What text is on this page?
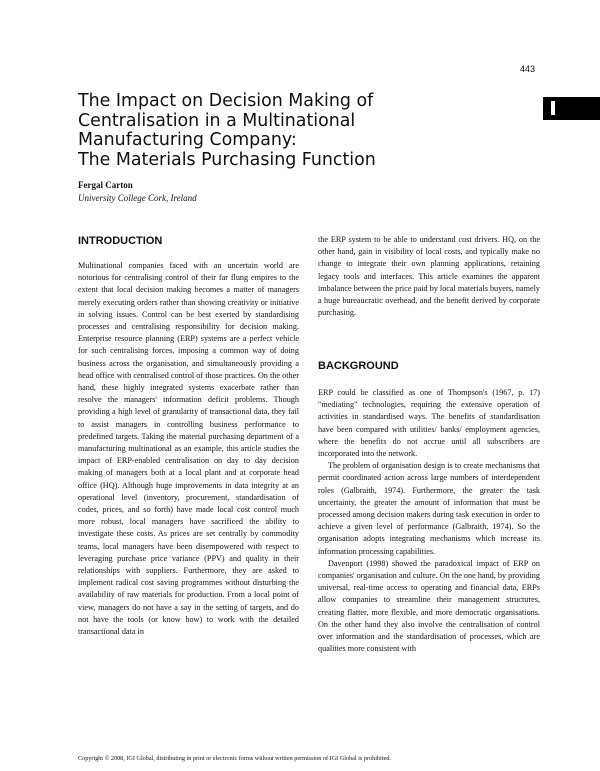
443
The Impact on Decision Making of
Centralisation in a Multinational
Manufacturing Company:
The Materials Purchasing Function
Fergal Carton
University College Cork, Ireland
INTRODUCTION

Multinational companies faced with an uncertain world are notorious for centralising control of their far flung empires to the extent that local decision making becomes a matter of managers merely executing orders rather than showing creativity or initiative in solving issues. Control can be best exerted by standardising processes and centralising responsibility for decision making. Enterprise resource planning (ERP) systems are a perfect vehicle for such centralising forces, imposing a common way of doing business across the organisation, and simultaneously providing a head office with centralised control of those practices. On the other hand, these highly integrated systems exacerbate rather than resolve the managers' information deficit problems. Though providing a high level of granularity of transactional data, they fail to assist managers in controlling business performance to predefined targets. Taking the material purchasing department of a manufacturing multinational as an example, this article studies the impact of ERP-enabled centralisation on day to day decision making of managers both at a local plant and at corporate head office (HQ). Although huge improvements in data integrity at an operational level (inventory, procurement, standardisation of codes, prices, and so forth) have made local cost control much more robust, local managers have sacrificed the ability to investigate these costs. As prices are set centrally by commodity teams, local managers have been disempowered with respect to leveraging purchase price variance (PPV) and quality in their relationships with suppliers. Furthermore, they are asked to implement radical cost saving programmes without disturbing the availability of raw materials for production. From a local point of view, managers do not have a say in the setting of targets, and do not have the tools (or know how) to work with the detailed transactional data in

the ERP system to be able to understand cost drivers. HQ, on the other hand, gain in visibility of local costs, and typically make no change to integrate their own planning applications, retaining legacy tools and interfaces. This article examines the apparent imbalance between the price paid by local materials buyers, namely a huge bureaucratic overhead, and the benefit derived by corporate purchasing.

BACKGROUND

ERP could be classified as one of Thompson's (1967, p. 17) "mediating" technologies, requiring the extensive operation of activities in standardised ways. The benefits of standardisation have been compared with utilities/ banks/ employment agencies, where the benefits do not accrue until all subscribers are incorporated into the network.

The problem of organisation design is to create mechanisms that permit coordinated action across large numbers of interdependent roles (Galbraith, 1974). Furthermore, the greater the task uncertainty, the greater the amount of information that must be processed among decision makers during task execution in order to achieve a given level of performance (Galbraith, 1974). So the organisation adopts integrating mechanisms which increase its information processing capabilities.

Davenport (1998) showed the paradoxical impact of ERP on companies' organisation and culture. On the one hand, by providing universal, real-time access to operating and financial data, ERPs allow companies to streamline their management structures, creating flatter, more flexible, and more democratic organisations. On the other hand they also involve the centralisation of control over information and the standardisation of processes, which are qualities more consistent with

Copyright © 2008, IGI Global, distributing in print or electronic forms without written permission of IGI Global is prohibited.
